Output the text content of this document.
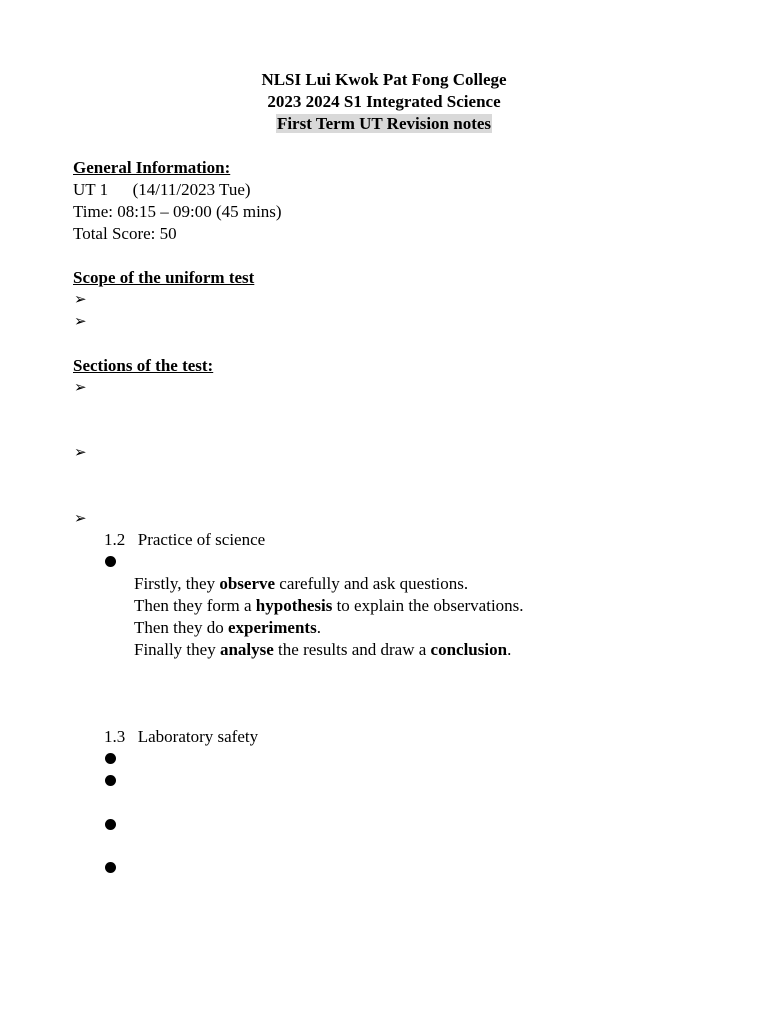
NLSI Lui Kwok Pat Fong College
2023 2024 S1 Integrated Science
First Term UT Revision notes
General Information:
UT 1 (14/11/2023 Tue)
Time: 08:15 – 09:00 (45 mins)
Total Score: 50
Scope of the uniform test
➢
➢
Sections of the test:
➢
➢
➢
1.2 Practice of science
Firstly, they observe carefully and ask questions.
Then they form a hypothesis to explain the observations.
Then they do experiments.
Finally they analyse the results and draw a conclusion.
1.3 Laboratory safety
